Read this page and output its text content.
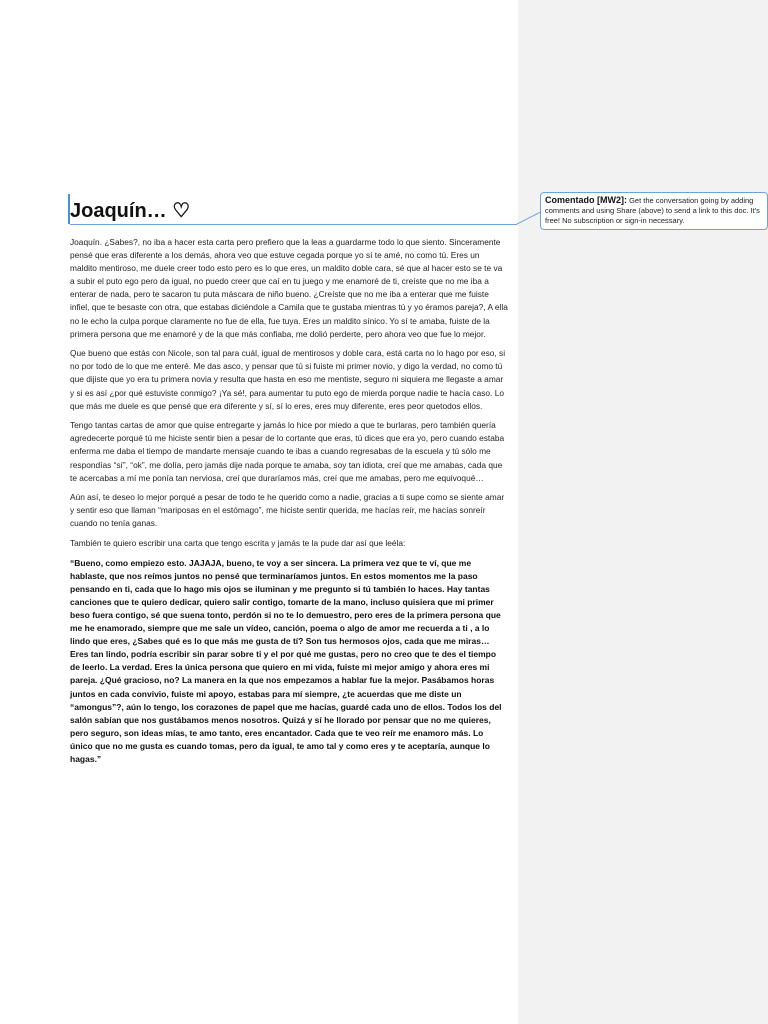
Joaquín… ♡

Joaquín. ¿Sabes?, no iba a hacer esta carta pero prefiero que la leas a guardarme todo lo que siento. Sinceramente pensé que eras diferente a los demás, ahora veo que estuve cegada porque yo sí te amé, no como tú. Eres un maldito mentiroso, me duele creer todo esto pero es lo que eres, un maldito doble cara, sé que al hacer esto se te va a subir el puto ego pero da igual, no puedo creer que caí en tu juego y me enamoré de ti, creíste que no me iba a enterar de nada, pero te sacaron tu puta máscara de niño bueno. ¿Creíste que no me iba a enterar que me fuiste infiel, que te besaste con otra, que estabas diciéndole a Camila que te gustaba mientras tú y yo éramos pareja?, A ella no le echo la culpa porque claramente no fue de ella, fue tuya. Eres un maldito sínico. Yo sí te amaba, fuiste de la primera persona que me enamoré y de la que más confiaba, me dolió perderte, pero ahora veo que fue lo mejor.

Que bueno que estás con Nicole, son tal para cuál, igual de mentirosos y doble cara, está carta no lo hago por eso, si no por todo de lo que me enteré. Me das asco, y pensar que tú si fuiste mi primer novio, y digo la verdad, no como tú que dijiste que yo era tu primera novia y resulta que hasta en eso me mentiste, seguro ni siquiera me llegaste a amar y si es así ¿por qué estuviste conmigo? ¡Ya sé!, para aumentar tu puto ego de mierda porque nadie te hacía caso. Lo que más me duele es que pensé que era diferente y sí, sí lo eres, eres muy diferente, eres peor quetodos ellos.

Tengo tantas cartas de amor que quise entregarte y jamás lo hice por miedo a que te burlaras, pero también quería agredecerte porqué tú me hiciste sentir bien a pesar de lo cortante que eras, tú dices que era yo, pero cuando estaba enferma me daba el tiempo de mandarte mensaje cuando te ibas a cuando regresabas de la escuela y tú sólo me respondías “sí”, “ok”, me dolía, pero jamás dije nada porque te amaba, soy tan idiota, creí que me amabas, cada que te acercabas a mí me ponía tan nerviosa, creí que duraríamos más, creí que me amabas, pero me equivoqué…

Aún así, te deseo lo mejor porqué a pesar de todo te he querido como a nadie, gracias a ti supe como se siente amar y sentir eso que llaman “mariposas en el estómago”, me hiciste sentir querida, me hacías reír, me hacías sonreír cuando no tenía ganas.

También te quiero escribir una carta que tengo escrita y jamás te la pude dar así que leéla:

“Bueno, como empiezo esto. JAJAJA, bueno, te voy a ser sincera. La primera vez que te ví, que me hablaste, que nos reímos juntos no pensé que terminaríamos juntos. En estos momentos me la paso pensando en ti, cada que lo hago mis ojos se iluminan y me pregunto si tú también lo haces. Hay tantas canciones que te quiero dedicar, quiero salir contigo, tomarte de la mano, incluso quisiera que mi primer beso fuera contigo, sé que suena tonto, perdón si no te lo demuestro, pero eres de la primera persona que me he enamorado, siempre que me sale un vídeo, canción, poema o algo de amor me recuerda a ti , a lo lindo que eres, ¿Sabes qué es lo que más me gusta de tí? Son tus hermosos ojos, cada que me miras… Eres tan lindo, podría escribir sin parar sobre ti y el por qué me gustas, pero no creo que te des el tiempo de leerlo. La verdad. Eres la única persona que quiero en mi vida, fuiste mi mejor amigo y ahora eres mi pareja. ¿Qué gracioso, no? La manera en la que nos empezamos a hablar fue la mejor. Pasábamos horas juntos en cada convivio, fuiste mi apoyo, estabas para mí siempre, ¿te acuerdas que me diste un “amongus”?, aún lo tengo, los corazones de papel que me hacías, guardé cada uno de ellos. Todos los del salón sabían que nos gustábamos menos nosotros. Quizá y sí he llorado por pensar que no me quieres, pero seguro, son ideas mías, te amo tanto, eres encantador. Cada que te veo reír me enamoro más. Lo único que no me gusta es cuando tomas, pero da igual, te amo tal y como eres y te aceptaría, aunque lo hagas.”

Comentado [MW2]: Get the conversation going by adding comments and using Share (above) to send a link to this doc. It's free! No subscription or sign-in necessary.
